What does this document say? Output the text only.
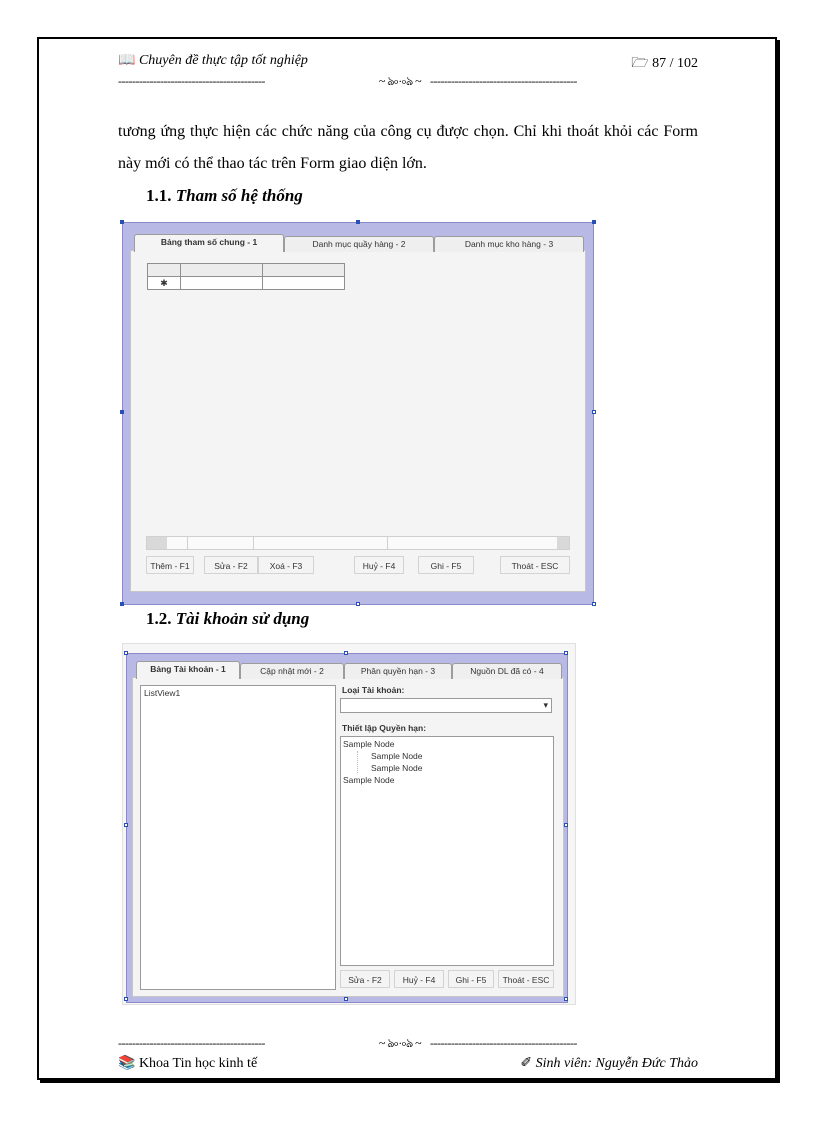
📖 Chuyên đề thực tập tốt nghiệp	🗁 87 / 102
------------------------------------------	~ ঌ৹·৹ঌ ~ ------------------------------------------
tương ứng thực hiện các chức năng của công cụ được chọn. Chỉ khi thoát khỏi các Form này mới có thể thao tác trên Form giao diện lớn.
1.1. Tham số hệ thống
Bảng tham số chung - 1	Danh mục quầy hàng - 2	Danh mục kho hàng - 3
✱
Thêm - F1	Sửa - F2	Xoá - F3	Huỷ - F4	Ghi - F5	Thoát - ESC
1.2. Tài khoản sử dụng
Bảng Tài khoản - 1	Cập nhật mới - 2	Phân quyền hạn - 3	Nguồn DL đã có - 4
ListView1	Loại Tài khoản:
▾
Thiết lập Quyền hạn:
Sample Node
Sample Node
Sample Node
Sample Node
Sửa - F2	Huỷ - F4	Ghi - F5	Thoát - ESC
------------------------------------------	~ ঌ৹·৹ঌ ~ ------------------------------------------
📚 Khoa Tin học kinh tế	✐ Sinh viên: Nguyễn Đức Thảo
